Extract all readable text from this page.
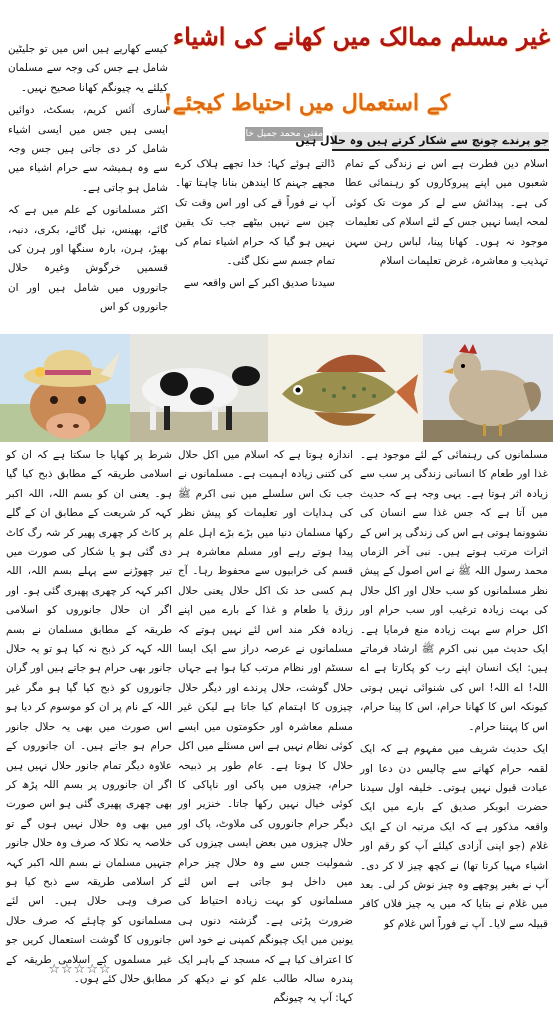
غیر مسلم ممالک میں کھانے کی اشیاء
کے استعمال میں احتیاط کیجئے!
مفتی محمد جمیل خان
جو پرندے چونچ سے شکار کرتے ہیں وہ حلال ہیں

اسلام دین فطرت ہے اس نے زندگی کے تمام شعبوں میں اپنے پیروکاروں کو رہنمائی عطا کی ہے۔ پیدائش سے لے کر موت تک کوئی لمحہ ایسا نہیں جس کے لئے اسلام کی تعلیمات موجود نہ ہوں۔ کھانا پینا، لباس رہن سہن تہذیب و معاشرہ، غرض تعلیمات اسلام

ڈالتے ہوئے کہا: خدا تجھے ہلاک کرے مجھے جہنم کا ایندھن بنانا چاہتا تھا۔ آپ نے فوراً قے کی اور اس وقت تک چین سے نہیں بیٹھے جب تک یقین نہیں ہو گیا کہ حرام اشیاء تمام کی تمام جسم سے نکل گئی۔

سیدنا صدیق اکبر کے اس واقعہ سے

کیسے کھاریے ہیں اس میں تو جلیٹین شامل ہے جس کی وجہ سے مسلمان کیلئے یہ چیونگم کھانا صحیح نہیں۔

ساری آئس کریم، بسکٹ، دوائیں ایسی ہیں جس میں ایسی اشیاء شامل کر دی جاتی ہیں جس وجہ سے وہ ہمیشہ سے حرام اشیاء میں شامل ہو جاتی ہے۔

اکثر مسلمانوں کے علم میں ہے کہ گائے، بھینس، نیل گائے، بکری، دنبہ، بھیڑ، ہرن، بارہ سنگھا اور ہرن کی قسمیں خرگوش وغیرہ حلال جانوروں میں شامل ہیں اور ان جانوروں کو اس

مسلمانوں کی رہنمائی کے لئے موجود ہے۔ غذا اور طعام کا انسانی زندگی پر سب سے زیادہ اثر ہوتا ہے۔ یہی وجہ ہے کہ حدیث میں آتا ہے کہ جس غذا سے انسان کی نشوونما ہوتی ہے اس کی زندگی پر اس کے اثرات مرتب ہوتے ہیں۔ نبی آخر الزماں محمد رسول اللہ ﷺ نے اس اصول کے پیش نظر مسلمانوں کو سب حلال اور اکل حلال کی بہت زیادہ ترغیب اور سب حرام اور اکل حرام سے بہت زیادہ منع فرمایا ہے۔ ایک حدیث میں نبی اکرم ﷺ ارشاد فرماتے ہیں: ایک انسان اپنے رب کو پکارتا ہے اے اللہ! اے اللہ! اس کی شنوائی نہیں ہوتی کیونکہ اس کا کھانا حرام، اس کا پینا حرام، اس کا پہننا حرام۔

ایک حدیث شریف میں مفہوم ہے کہ ایک لقمہ حرام کھانے سے چالیس دن دعا اور عبادت قبول نہیں ہوتی۔ خلیفہ اول سیدنا حضرت ابوبکر صدیق کے بارے میں ایک واقعہ مذکور ہے کہ ایک مرتبہ ان کے ایک غلام (جو اپنی آزادی کیلئے آپ کو رقم اور اشیاء مہیا کرتا تھا) نے کچھ چیز لا کر دی۔ آپ نے بغیر پوچھے وہ چیز نوش کر لی۔ بعد میں غلام نے بتایا کہ میں یہ چیز فلاں کافر قبیلہ سے لایا۔ آپ نے فوراً اس غلام کو

اندازہ ہوتا ہے کہ اسلام میں اکل حلال کی کتنی زیادہ اہمیت ہے۔ مسلمانوں نے جب تک اس سلسلے میں نبی اکرم ﷺ کی ہدایات اور تعلیمات کو پیش نظر رکھا مسلمان دنیا میں بڑے بڑے اہل علم پیدا ہوتے رہے اور مسلم معاشرہ ہر قسم کی خرابیوں سے محفوظ رہا۔ آج ہم کسی حد تک اکل حلال یعنی حلال رزق یا طعام و غذا کے بارے میں اپنے زیادہ فکر مند اس لئے نہیں ہوتے کہ مسلمانوں نے عرصہ دراز سے ایک ایسا سسٹم اور نظام مرتب کیا ہوا ہے جہاں حلال گوشت، حلال پرندے اور دیگر حلال چیزوں کا اہتمام کیا جاتا ہے لیکن غیر مسلم معاشرہ اور حکومتوں میں ایسے کوئی نظام نہیں ہے اس مسئلے میں اکل حلال کا ہوتا ہے۔ عام طور پر ذبیحہ حرام، چیزوں میں پاکی اور ناپاکی کا کوئی خیال نہیں رکھا جاتا۔ خنزیر اور دیگر حرام جانوروں کی ملاوٹ، پاک اور حلال چیزوں میں بعض ایسی چیزوں کی شمولیت جس سے وہ حلال چیز حرام میں داخل ہو جاتی ہے اس لئے مسلمانوں کو بہت زیادہ احتیاط کی ضرورت پڑتی ہے۔ گزشتہ دنوں ہی یونین میں ایک چیونگم کمپنی نے خود اس کا اعتراف کیا ہے کہ مسجد کے باہر ایک پندرہ سالہ طالب علم کو نے دیکھ کر کہا: آپ یہ چیونگم

شرط پر کھایا جا سکتا ہے کہ ان کو اسلامی طریقہ کے مطابق ذبح کیا گیا ہو۔ یعنی ان کو بسم اللہ، اللہ اکبر کہہ کر شریعت کے مطابق ان کے گلے پر کاٹ کر چھری پھیر کر شہ رگ کاٹ دی گئی ہو یا شکار کی صورت میں تیر چھوڑنے سے پہلے بسم اللہ، اللہ اکبر کہہ کر چھری پھیری گئی ہو۔ اور اگر ان حلال جانوروں کو اسلامی طریقہ کے مطابق مسلمان نے بسم اللہ کہہ کر ذبح نہ کیا ہو تو یہ حلال جانور بھی حرام ہو جاتے ہیں اور گران جانوروں کو ذبح کیا گیا ہو مگر غیر اللہ کے نام پر ان کو موسوم کر دیا ہو اس صورت میں بھی یہ حلال جانور حرام ہو جاتے ہیں۔ ان جانوروں کے علاوہ دیگر تمام جانور حلال نہیں ہیں اگر ان جانوروں پر بسم اللہ پڑھ کر بھی چھری پھیری گئی ہو اس صورت میں بھی وہ حلال نہیں ہوں گے تو خلاصہ یہ نکلا کہ صرف وہ حلال جانور جنہیں مسلمان نے بسم اللہ اکبر کہہ کر اسلامی طریقہ سے ذبح کیا ہو صرف وہی حلال ہیں۔ اس لئے مسلمانوں کو چاہئے کہ صرف حلال جانوروں کا گوشت استعمال کریں جو غیر مسلموں کے اسلامی طریقہ کے مطابق حلال کئے ہوں۔

☆☆☆☆☆
